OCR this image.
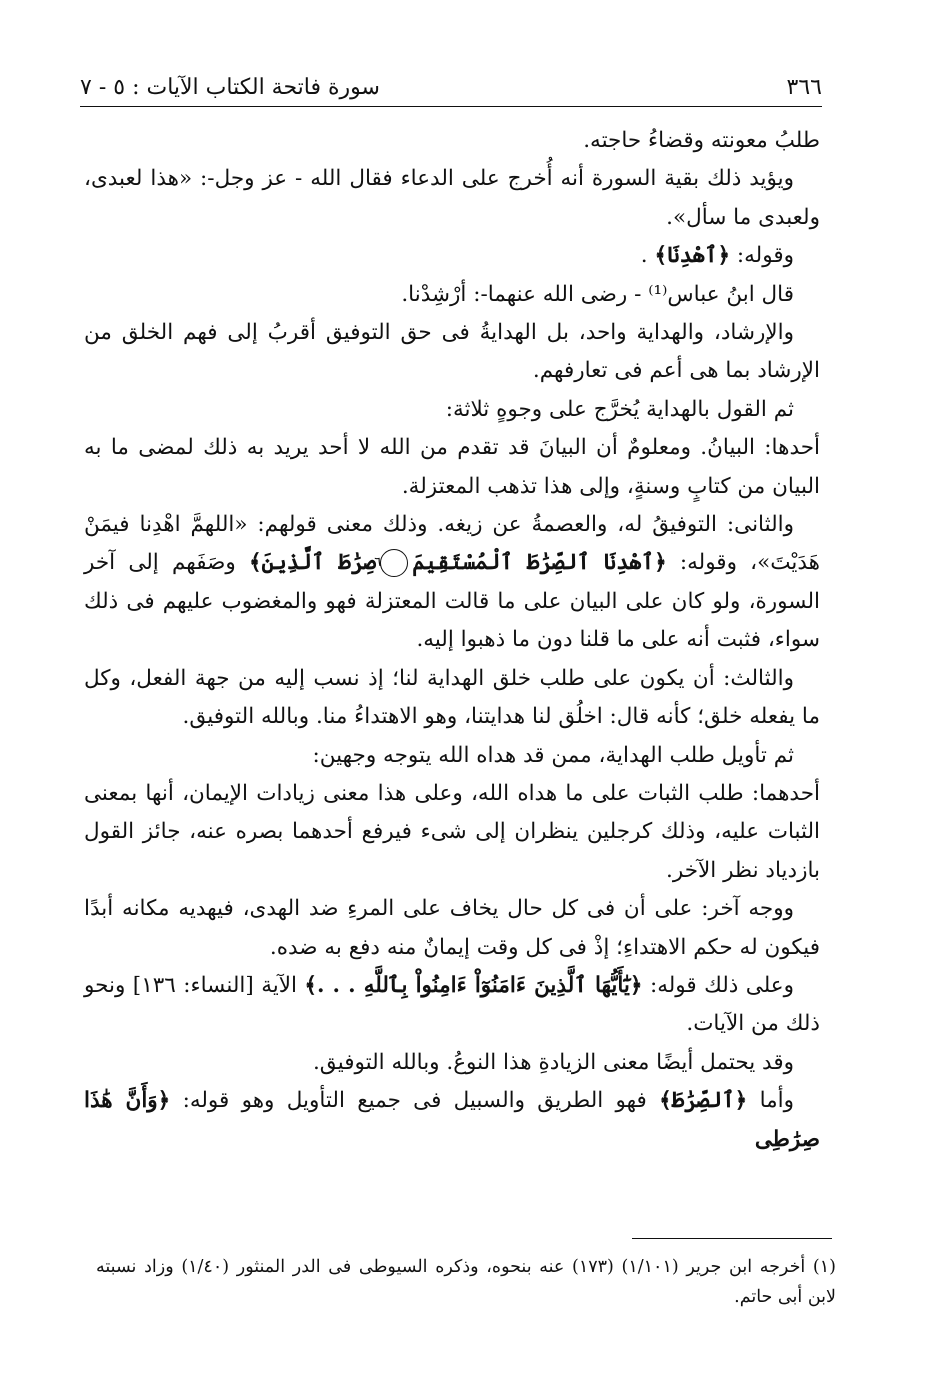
٣٦٦
سورة فاتحة الكتاب الآيات : ٥ - ٧

طلبُ معونته وقضاءُ حاجته.

ويؤيد ذلك بقية السورة أنه أُخرج على الدعاء فقال الله - عز وجل-: «هذا لعبدى، ولعبدى ما سأل».

وقوله: ﴿ٱهْدِنَا﴾ .

قال ابنُ عباس⁽¹⁾ - رضى الله عنهما-: أرْشِدْنا.

والإرشاد، والهداية واحد، بل الهدايةُ فى حق التوفيق أقربُ إلى فهم الخلق من الإرشاد بما هى أعم فى تعارفهم.

ثم القول بالهداية يُخرَّج على وجوهٍ ثلاثة:

أحدها: البيانُ. ومعلومٌ أن البيانَ قد تقدم من الله لا أحد يريد به ذلك لمضى ما به البيان من كتابٍ وسنةٍ، وإلى هذا تذهب المعتزلة.

والثانى: التوفيقُ له، والعصمةُ عن زيغه. وذلك معنى قولهم: «اللهمَّ اهْدِنا فيمَنْ هَدَيْتَ»، وقوله: ﴿ٱهْدِنَا ٱلصِّرَٰطَ ٱلْمُسْتَقِيمَ٦صِرَٰطَ ٱلَّذِينَ﴾ وصَفَهم إلى آخر السورة، ولو كان على البيان على ما قالت المعتزلة فهو والمغضوب عليهم فى ذلك سواء، فثبت أنه على ما قلنا دون ما ذهبوا إليه.

والثالث: أن يكون على طلب خلق الهداية لنا؛ إذ نسب إليه من جهة الفعل، وكل ما يفعله خلق؛ كأنه قال: اخلُق لنا هدايتنا، وهو الاهتداءُ منا. وبالله التوفيق.

ثم تأويل طلب الهداية، ممن قد هداه الله يتوجه وجهين:

أحدهما: طلب الثبات على ما هداه الله، وعلى هذا معنى زيادات الإيمان، أنها بمعنى الثبات عليه، وذلك كرجلين ينظران إلى شىء فيرفع أحدهما بصره عنه، جائز القول بازدياد نظر الآخر.

ووجه آخر: على أن فى كل حال يخاف على المرءِ ضد الهدى، فيهديه مكانه أبدًا فيكون له حكم الاهتداءِ؛ إذْ فى كل وقت إيمانٌ منه دفع به ضده.

وعلى ذلك قوله: ﴿يَٰٓأَيُّهَا ٱلَّذِينَ ءَامَنُوٓاْ ءَامِنُواْ بِٱللَّهِ . . .﴾ الآية [النساء: ١٣٦] ونحو ذلك من الآيات.

وقد يحتمل أيضًا معنى الزيادةِ هذا النوعُ. وبالله التوفيق.

وأما ﴿ٱلصِّرَٰطَ﴾ فهو الطريق والسبيل فى جميع التأويل وهو قوله: ﴿وَأَنَّ هَٰذَا صِرَٰطِى

(١) أخرجه ابن جرير (١/١٠١) (١٧٣) عنه بنحوه، وذكره السيوطى فى الدر المنثور (١/٤٠) وزاد نسبته لابن أبى حاتم.
